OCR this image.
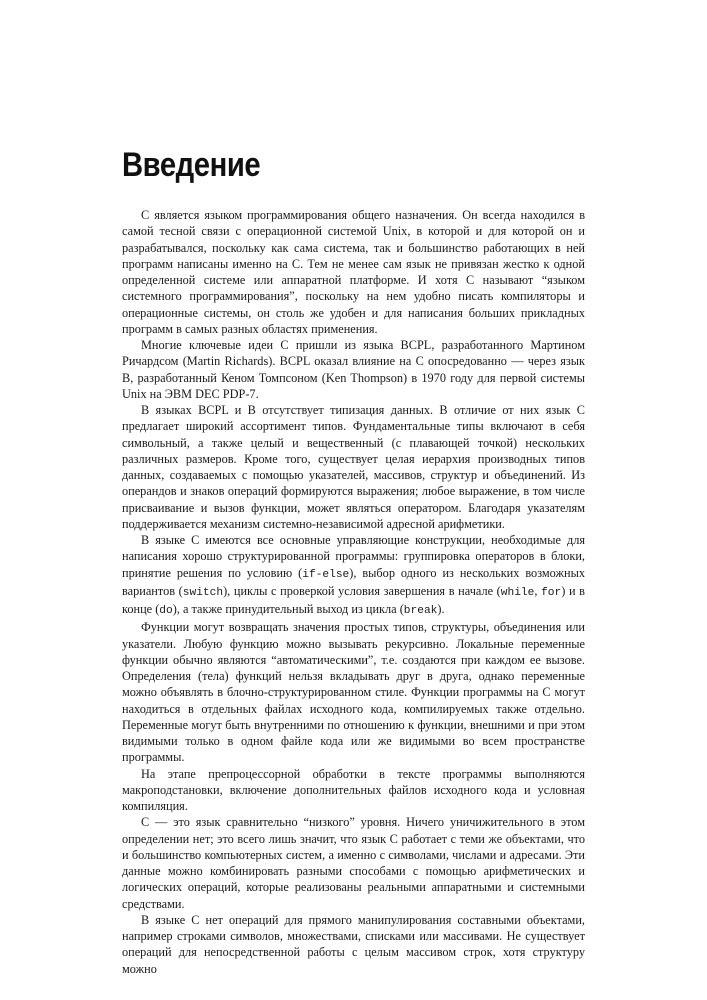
Введение

C является языком программирования общего назначения. Он всегда находился в самой тесной связи с операционной системой Unix, в которой и для которой он и разрабатывался, поскольку как сама система, так и большинство работающих в ней программ написаны именно на C. Тем не менее сам язык не привязан жестко к одной определенной системе или аппаратной платформе. И хотя C называют “языком системного программирования”, поскольку на нем удобно писать компиляторы и операционные системы, он столь же удобен и для написания больших прикладных программ в самых разных областях применения.

Многие ключевые идеи C пришли из языка BCPL, разработанного Мартином Ричардсом (Martin Richards). BCPL оказал влияние на C опосредованно — через язык B, разработанный Кеном Томпсоном (Ken Thompson) в 1970 году для первой системы Unix на ЭВМ DEC PDP-7.

В языках BCPL и B отсутствует типизация данных. В отличие от них язык C предлагает широкий ассортимент типов. Фундаментальные типы включают в себя символьный, а также целый и вещественный (с плавающей точкой) нескольких различных размеров. Кроме того, существует целая иерархия производных типов данных, создаваемых с помощью указателей, массивов, структур и объединений. Из операндов и знаков операций формируются выражения; любое выражение, в том числе присваивание и вызов функции, может являться оператором. Благодаря указателям поддерживается механизм системно-независимой адресной арифметики.

В языке C имеются все основные управляющие конструкции, необходимые для написания хорошо структурированной программы: группировка операторов в блоки, принятие решения по условию (if-else), выбор одного из нескольких возможных вариантов (switch), циклы с проверкой условия завершения в начале (while, for) и в конце (do), а также принудительный выход из цикла (break).

Функции могут возвращать значения простых типов, структуры, объединения или указатели. Любую функцию можно вызывать рекурсивно. Локальные переменные функции обычно являются “автоматическими”, т.е. создаются при каждом ее вызове. Определения (тела) функций нельзя вкладывать друг в друга, однако переменные можно объявлять в блочно-структурированном стиле. Функции программы на C могут находиться в отдельных файлах исходного кода, компилируемых также отдельно. Переменные могут быть внутренними по отношению к функции, внешними и при этом видимыми только в одном файле кода или же видимыми во всем пространстве программы.

На этапе препроцессорной обработки в тексте программы выполняются макроподстановки, включение дополнительных файлов исходного кода и условная компиляция.

C — это язык сравнительно “низкого” уровня. Ничего уничижительного в этом определении нет; это всего лишь значит, что язык C работает с теми же объектами, что и большинство компьютерных систем, а именно с символами, числами и адресами. Эти данные можно комбинировать разными способами с помощью арифметических и логических операций, которые реализованы реальными аппаратными и системными средствами.

В языке C нет операций для прямого манипулирования составными объектами, например строками символов, множествами, списками или массивами. Не существует операций для непосредственной работы с целым массивом строк, хотя структуру можно
